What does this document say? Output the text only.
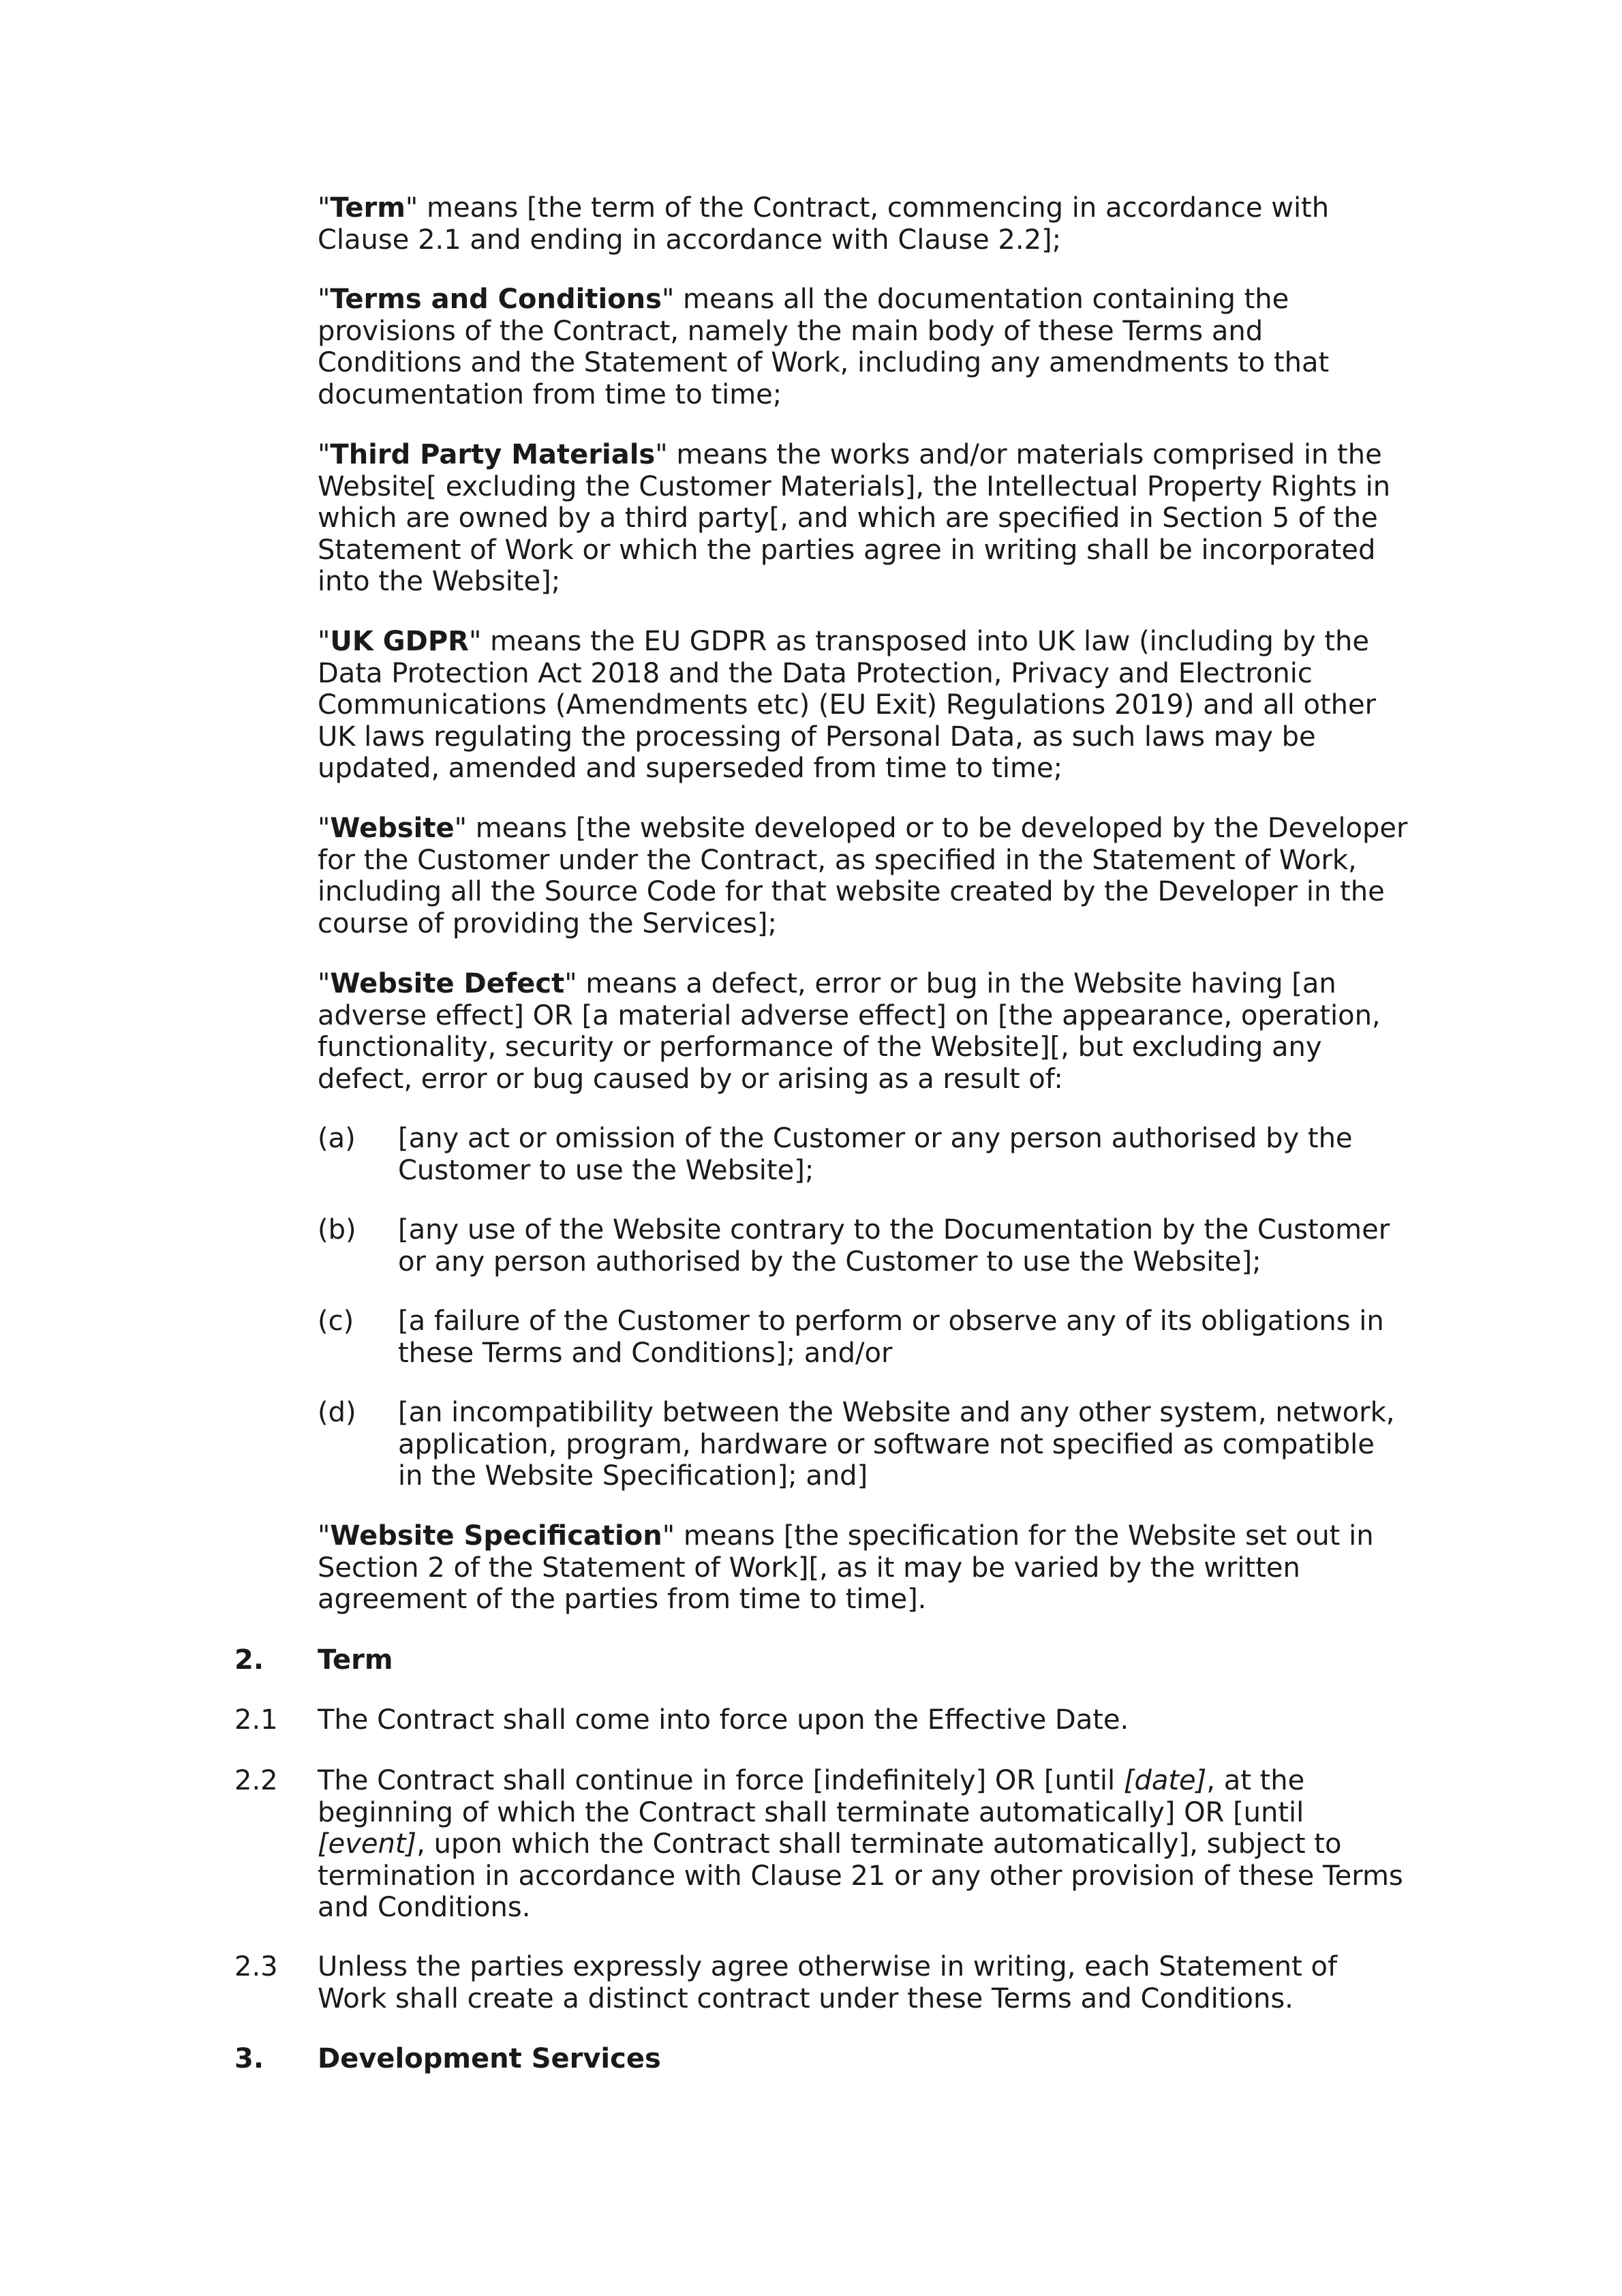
"Term" means [the term of the Contract, commencing in accordance with Clause 2.1 and ending in accordance with Clause 2.2];

"Terms and Conditions" means all the documentation containing the provisions of the Contract, namely the main body of these Terms and Conditions and the Statement of Work, including any amendments to that documentation from time to time;

"Third Party Materials" means the works and/or materials comprised in the Website[ excluding the Customer Materials], the Intellectual Property Rights in which are owned by a third party[, and which are specified in Section 5 of the Statement of Work or which the parties agree in writing shall be incorporated into the Website];

"UK GDPR" means the EU GDPR as transposed into UK law (including by the Data Protection Act 2018 and the Data Protection, Privacy and Electronic Communications (Amendments etc) (EU Exit) Regulations 2019) and all other UK laws regulating the processing of Personal Data, as such laws may be updated, amended and superseded from time to time;

"Website" means [the website developed or to be developed by the Developer for the Customer under the Contract, as specified in the Statement of Work, including all the Source Code for that website created by the Developer in the course of providing the Services];

"Website Defect" means a defect, error or bug in the Website having [an adverse effect] OR [a material adverse effect] on [the appearance, operation, functionality, security or performance of the Website][, but excluding any defect, error or bug caused by or arising as a result of:

(a) [any act or omission of the Customer or any person authorised by the Customer to use the Website];
(b) [any use of the Website contrary to the Documentation by the Customer or any person authorised by the Customer to use the Website];
(c) [a failure of the Customer to perform or observe any of its obligations in these Terms and Conditions]; and/or
(d) [an incompatibility between the Website and any other system, network, application, program, hardware or software not specified as compatible in the Website Specification]; and]

"Website Specification" means [the specification for the Website set out in Section 2 of the Statement of Work][, as it may be varied by the written agreement of the parties from time to time].

2. Term
2.1 The Contract shall come into force upon the Effective Date.

2.2 The Contract shall continue in force [indefinitely] OR [until [date], at the beginning of which the Contract shall terminate automatically] OR [until [event], upon which the Contract shall terminate automatically], subject to termination in accordance with Clause 21 or any other provision of these Terms and Conditions.

2.3 Unless the parties expressly agree otherwise in writing, each Statement of Work shall create a distinct contract under these Terms and Conditions.

3. Development Services
